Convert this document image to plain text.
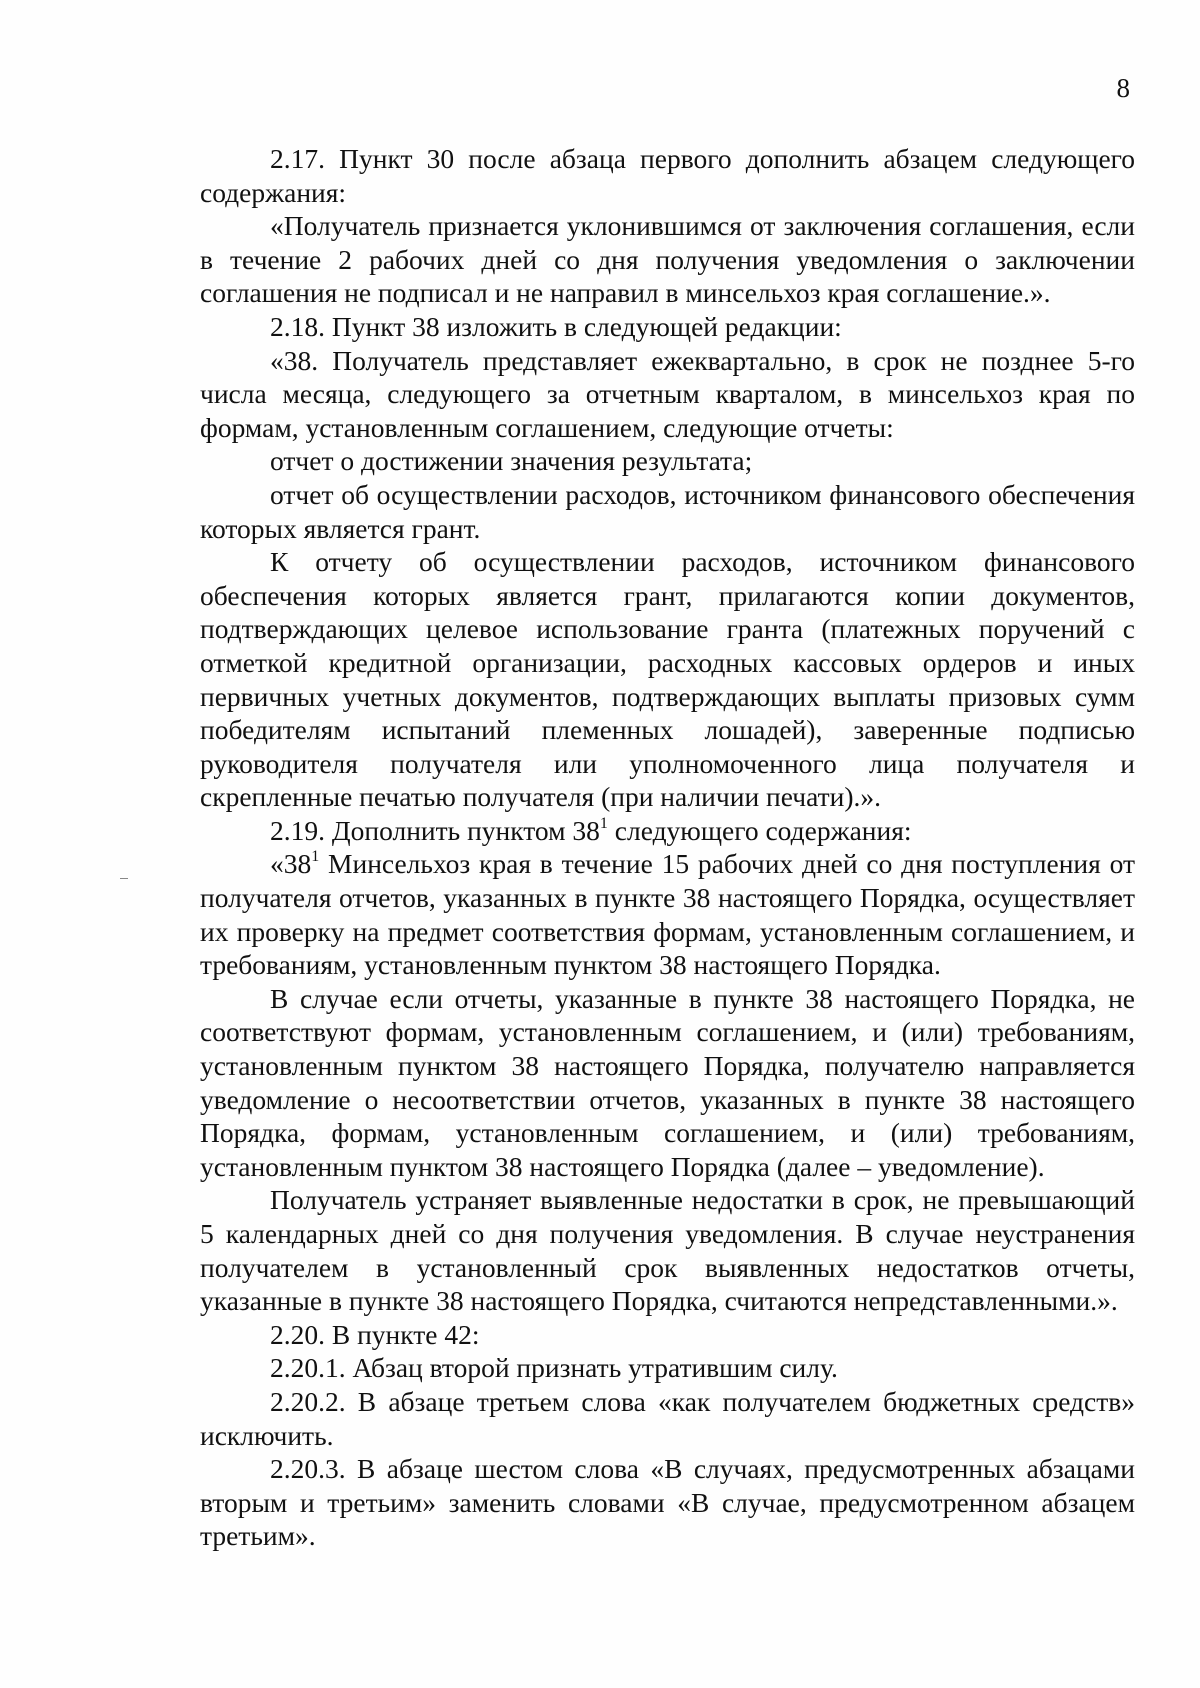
8

2.17. Пункт 30 после абзаца первого дополнить абзацем следующего содержания:

«Получатель признается уклонившимся от заключения соглашения, если в течение 2 рабочих дней со дня получения уведомления о заключении соглашения не подписал и не направил в минсельхоз края соглашение.».

2.18. Пункт 38 изложить в следующей редакции:

«38. Получатель представляет ежеквартально, в срок не позднее 5-го числа месяца, следующего за отчетным кварталом, в минсельхоз края по формам, установленным соглашением, следующие отчеты:

отчет о достижении значения результата;

отчет об осуществлении расходов, источником финансового обеспечения которых является грант.

К отчету об осуществлении расходов, источником финансового обеспечения которых является грант, прилагаются копии документов, подтверждающих целевое использование гранта (платежных поручений с отметкой кредитной организации, расходных кассовых ордеров и иных первичных учетных документов, подтверждающих выплаты призовых сумм победителям испытаний племенных лошадей), заверенные подписью руководителя получателя или уполномоченного лица получателя и скрепленные печатью получателя (при наличии печати).».

2.19. Дополнить пунктом $38^1$ следующего содержания:

«$38^1$ Минсельхоз края в течение 15 рабочих дней со дня поступления от получателя отчетов, указанных в пункте 38 настоящего Порядка, осуществляет их проверку на предмет соответствия формам, установленным соглашением, и требованиям, установленным пунктом 38 настоящего Порядка.

В случае если отчеты, указанные в пункте 38 настоящего Порядка, не соответствуют формам, установленным соглашением, и (или) требованиям, установленным пунктом 38 настоящего Порядка, получателю направляется уведомление о несоответствии отчетов, указанных в пункте 38 настоящего Порядка, формам, установленным соглашением, и (или) требованиям, установленным пунктом 38 настоящего Порядка (далее – уведомление).

Получатель устраняет выявленные недостатки в срок, не превышающий 5 календарных дней со дня получения уведомления. В случае неустранения получателем в установленный срок выявленных недостатков отчеты, указанные в пункте 38 настоящего Порядка, считаются непредставленными.».

2.20. В пункте 42:

2.20.1. Абзац второй признать утратившим силу.

2.20.2. В абзаце третьем слова «как получателем бюджетных средств» исключить.

2.20.3. В абзаце шестом слова «В случаях, предусмотренных абзацами вторым и третьим» заменить словами «В случае, предусмотренном абзацем третьим».
